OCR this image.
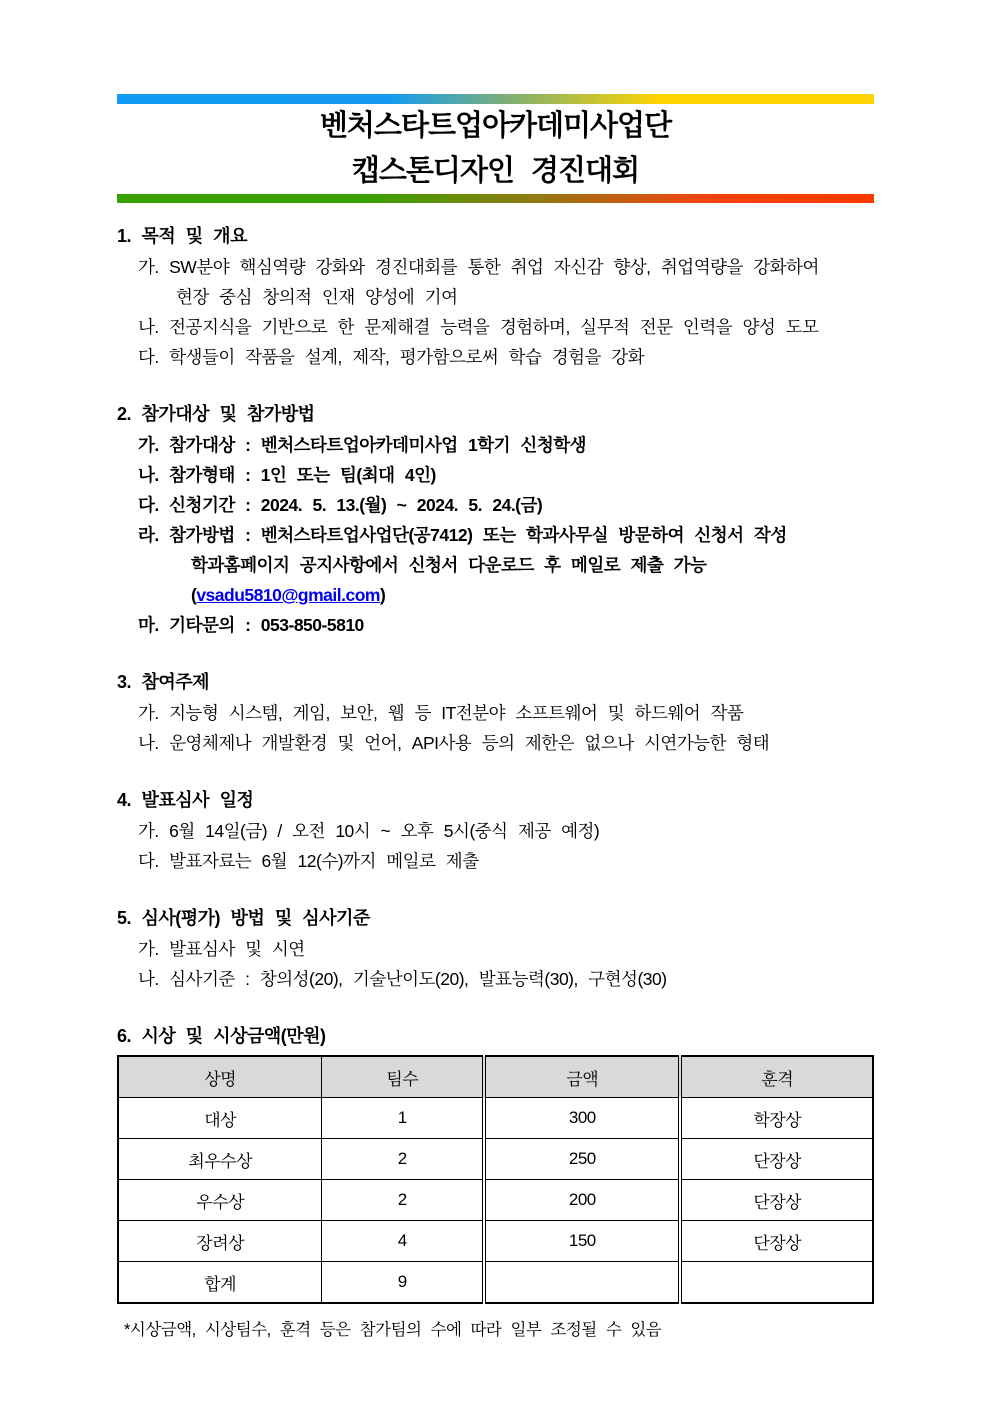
벤처스타트업아카데미사업단
캡스톤디자인 경진대회
1. 목적 및 개요
가. SW분야 핵심역량 강화와 경진대회를 통한 취업 자신감 향상, 취업역량을 강화하여
현장 중심 창의적 인재 양성에 기여
나. 전공지식을 기반으로 한 문제해결 능력을 경험하며, 실무적 전문 인력을 양성 도모
다. 학생들이 작품을 설계, 제작, 평가함으로써 학습 경험을 강화
2. 참가대상 및 참가방법
가. 참가대상 : 벤처스타트업아카데미사업 1학기 신청학생
나. 참가형태 : 1인 또는 팀(최대 4인)
다. 신청기간 : 2024. 5. 13.(월) ~ 2024. 5. 24.(금)
라. 참가방법 : 벤처스타트업사업단(공7412) 또는 학과사무실 방문하여 신청서 작성
학과홈페이지 공지사항에서 신청서 다운로드 후 메일로 제출 가능(vsadu5810@gmail.com)
마. 기타문의 : 053-850-5810
3. 참여주제
가. 지능형 시스템, 게임, 보안, 웹 등 IT전분야 소프트웨어 및 하드웨어 작품
나. 운영체제나 개발환경 및 언어, API사용 등의 제한은 없으나 시연가능한 형태
4. 발표심사 일정
가. 6월 14일(금) / 오전 10시 ~ 오후 5시(중식 제공 예정)
다. 발표자료는 6월 12(수)까지 메일로 제출
5. 심사(평가) 방법 및 심사기준
가. 발표심사 및 시연
나. 심사기준 : 창의성(20), 기술난이도(20), 발표능력(30), 구현성(30)
6. 시상 및 시상금액(만원)
상명	팀수	금액	훈격
대상	1	300	학장상
최우수상	2	250	단장상
우수상	2	200	단장상
장려상	4	150	단장상
합계	9		
*시상금액, 시상팀수, 훈격 등은 참가팀의 수에 따라 일부 조정될 수 있음
